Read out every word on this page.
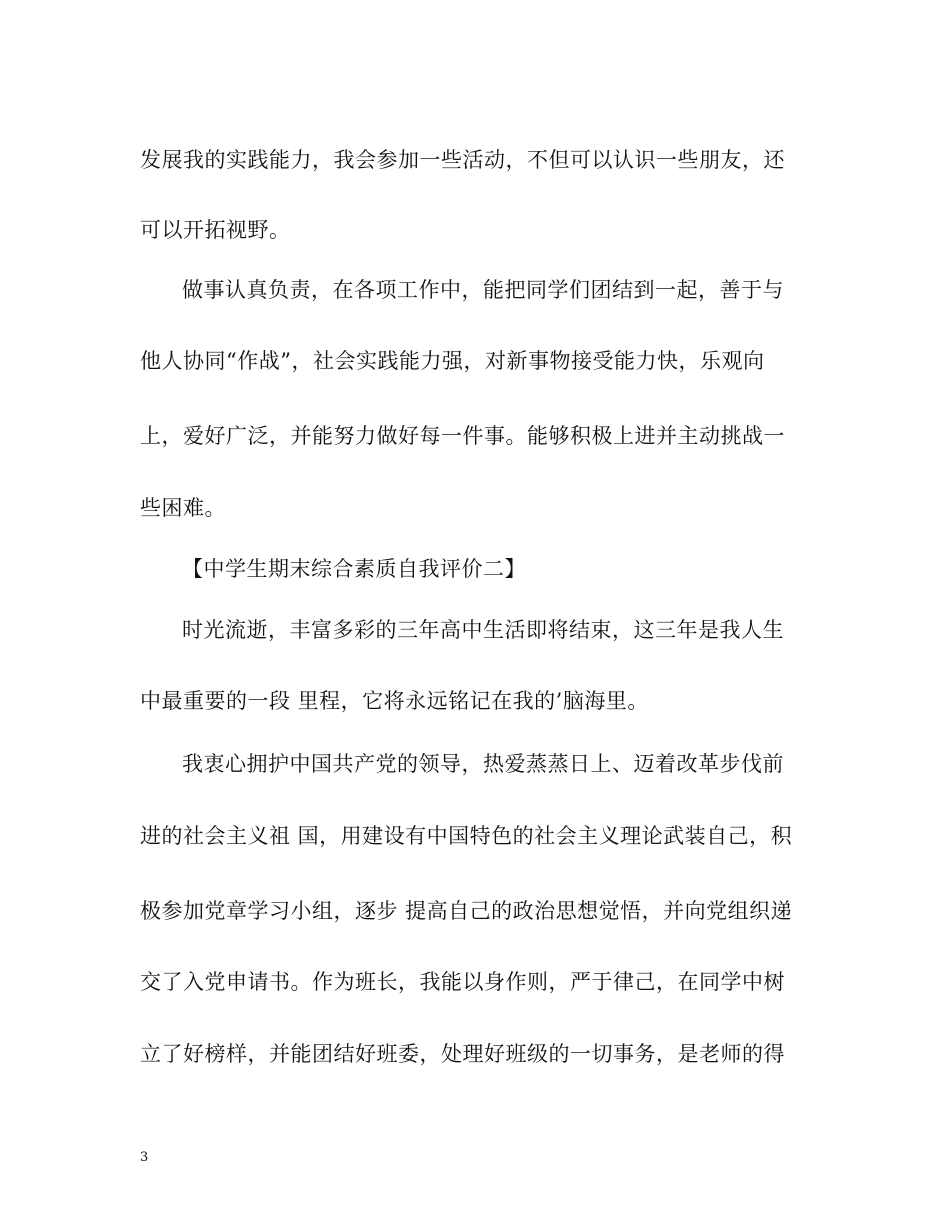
发展我的实践能力，我会参加一些活动，不但可以认识一些朋友，还
可以开拓视野。
做事认真负责，在各项工作中，能把同学们团结到一起，善于与
他人协同“作战”，社会实践能力强，对新事物接受能力快，乐观向
上，爱好广泛，并能努力做好每一件事。能够积极上进并主动挑战一
些困难。
【中学生期末综合素质自我评价二】
时光流逝，丰富多彩的三年高中生活即将结束，这三年是我人生
中最重要的一段 里程，它将永远铭记在我的’脑海里。
我衷心拥护中国共产党的领导，热爱蒸蒸日上、迈着改革步伐前
进的社会主义祖 国，用建设有中国特色的社会主义理论武装自己，积
极参加党章学习小组，逐步 提高自己的政治思想觉悟，并向党组织递
交了入党申请书。作为班长，我能以身作则，严于律己，在同学中树
立了好榜样，并能团结好班委，处理好班级的一切事务，是老师的得
3
